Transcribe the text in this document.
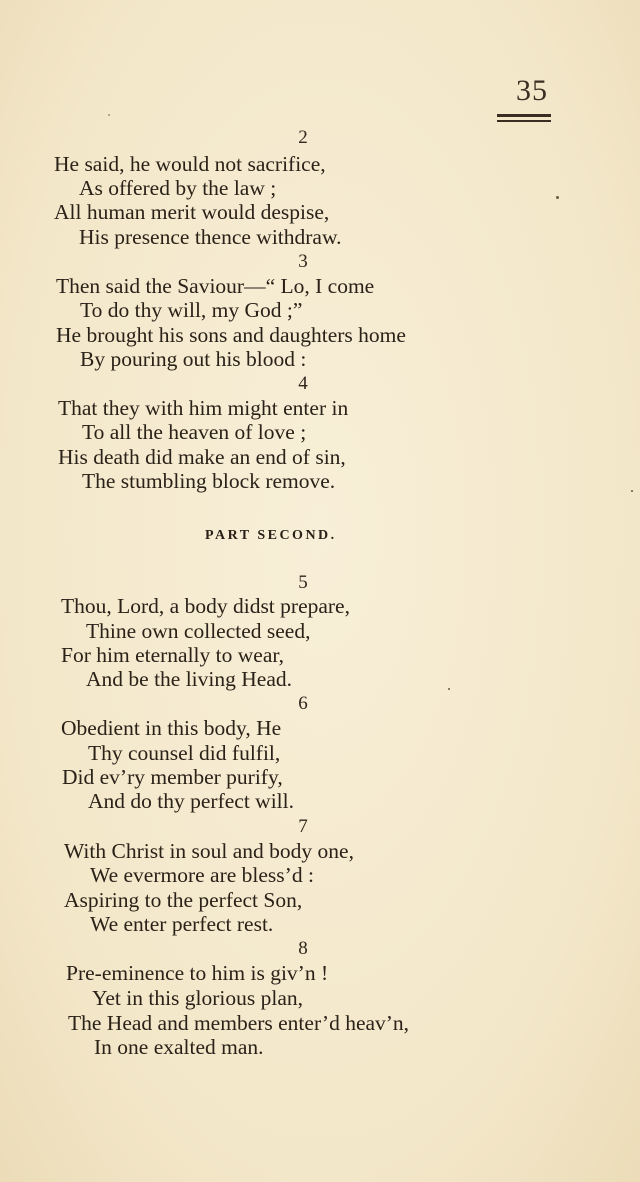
35
2
He said, he would not sacrifice,
As offered by the law ;
All human merit would despise,
His presence thence withdraw.
3
Then said the Saviour—“ Lo, I come
To do thy will, my God ;”
He brought his sons and daughters home
By pouring out his blood :
4
That they with him might enter in
To all the heaven of love ;
His death did make an end of sin,
The stumbling block remove.
PART SECOND.
5
Thou, Lord, a body didst prepare,
Thine own collected seed,
For him eternally to wear,
And be the living Head.
6
Obedient in this body, He
Thy counsel did fulfil,
Did ev’ry member purify,
And do thy perfect will.
7
With Christ in soul and body one,
We evermore are bless’d :
Aspiring to the perfect Son,
We enter perfect rest.
8
Pre-eminence to him is giv’n !
Yet in this glorious plan,
The Head and members enter’d heav’n,
In one exalted man.
